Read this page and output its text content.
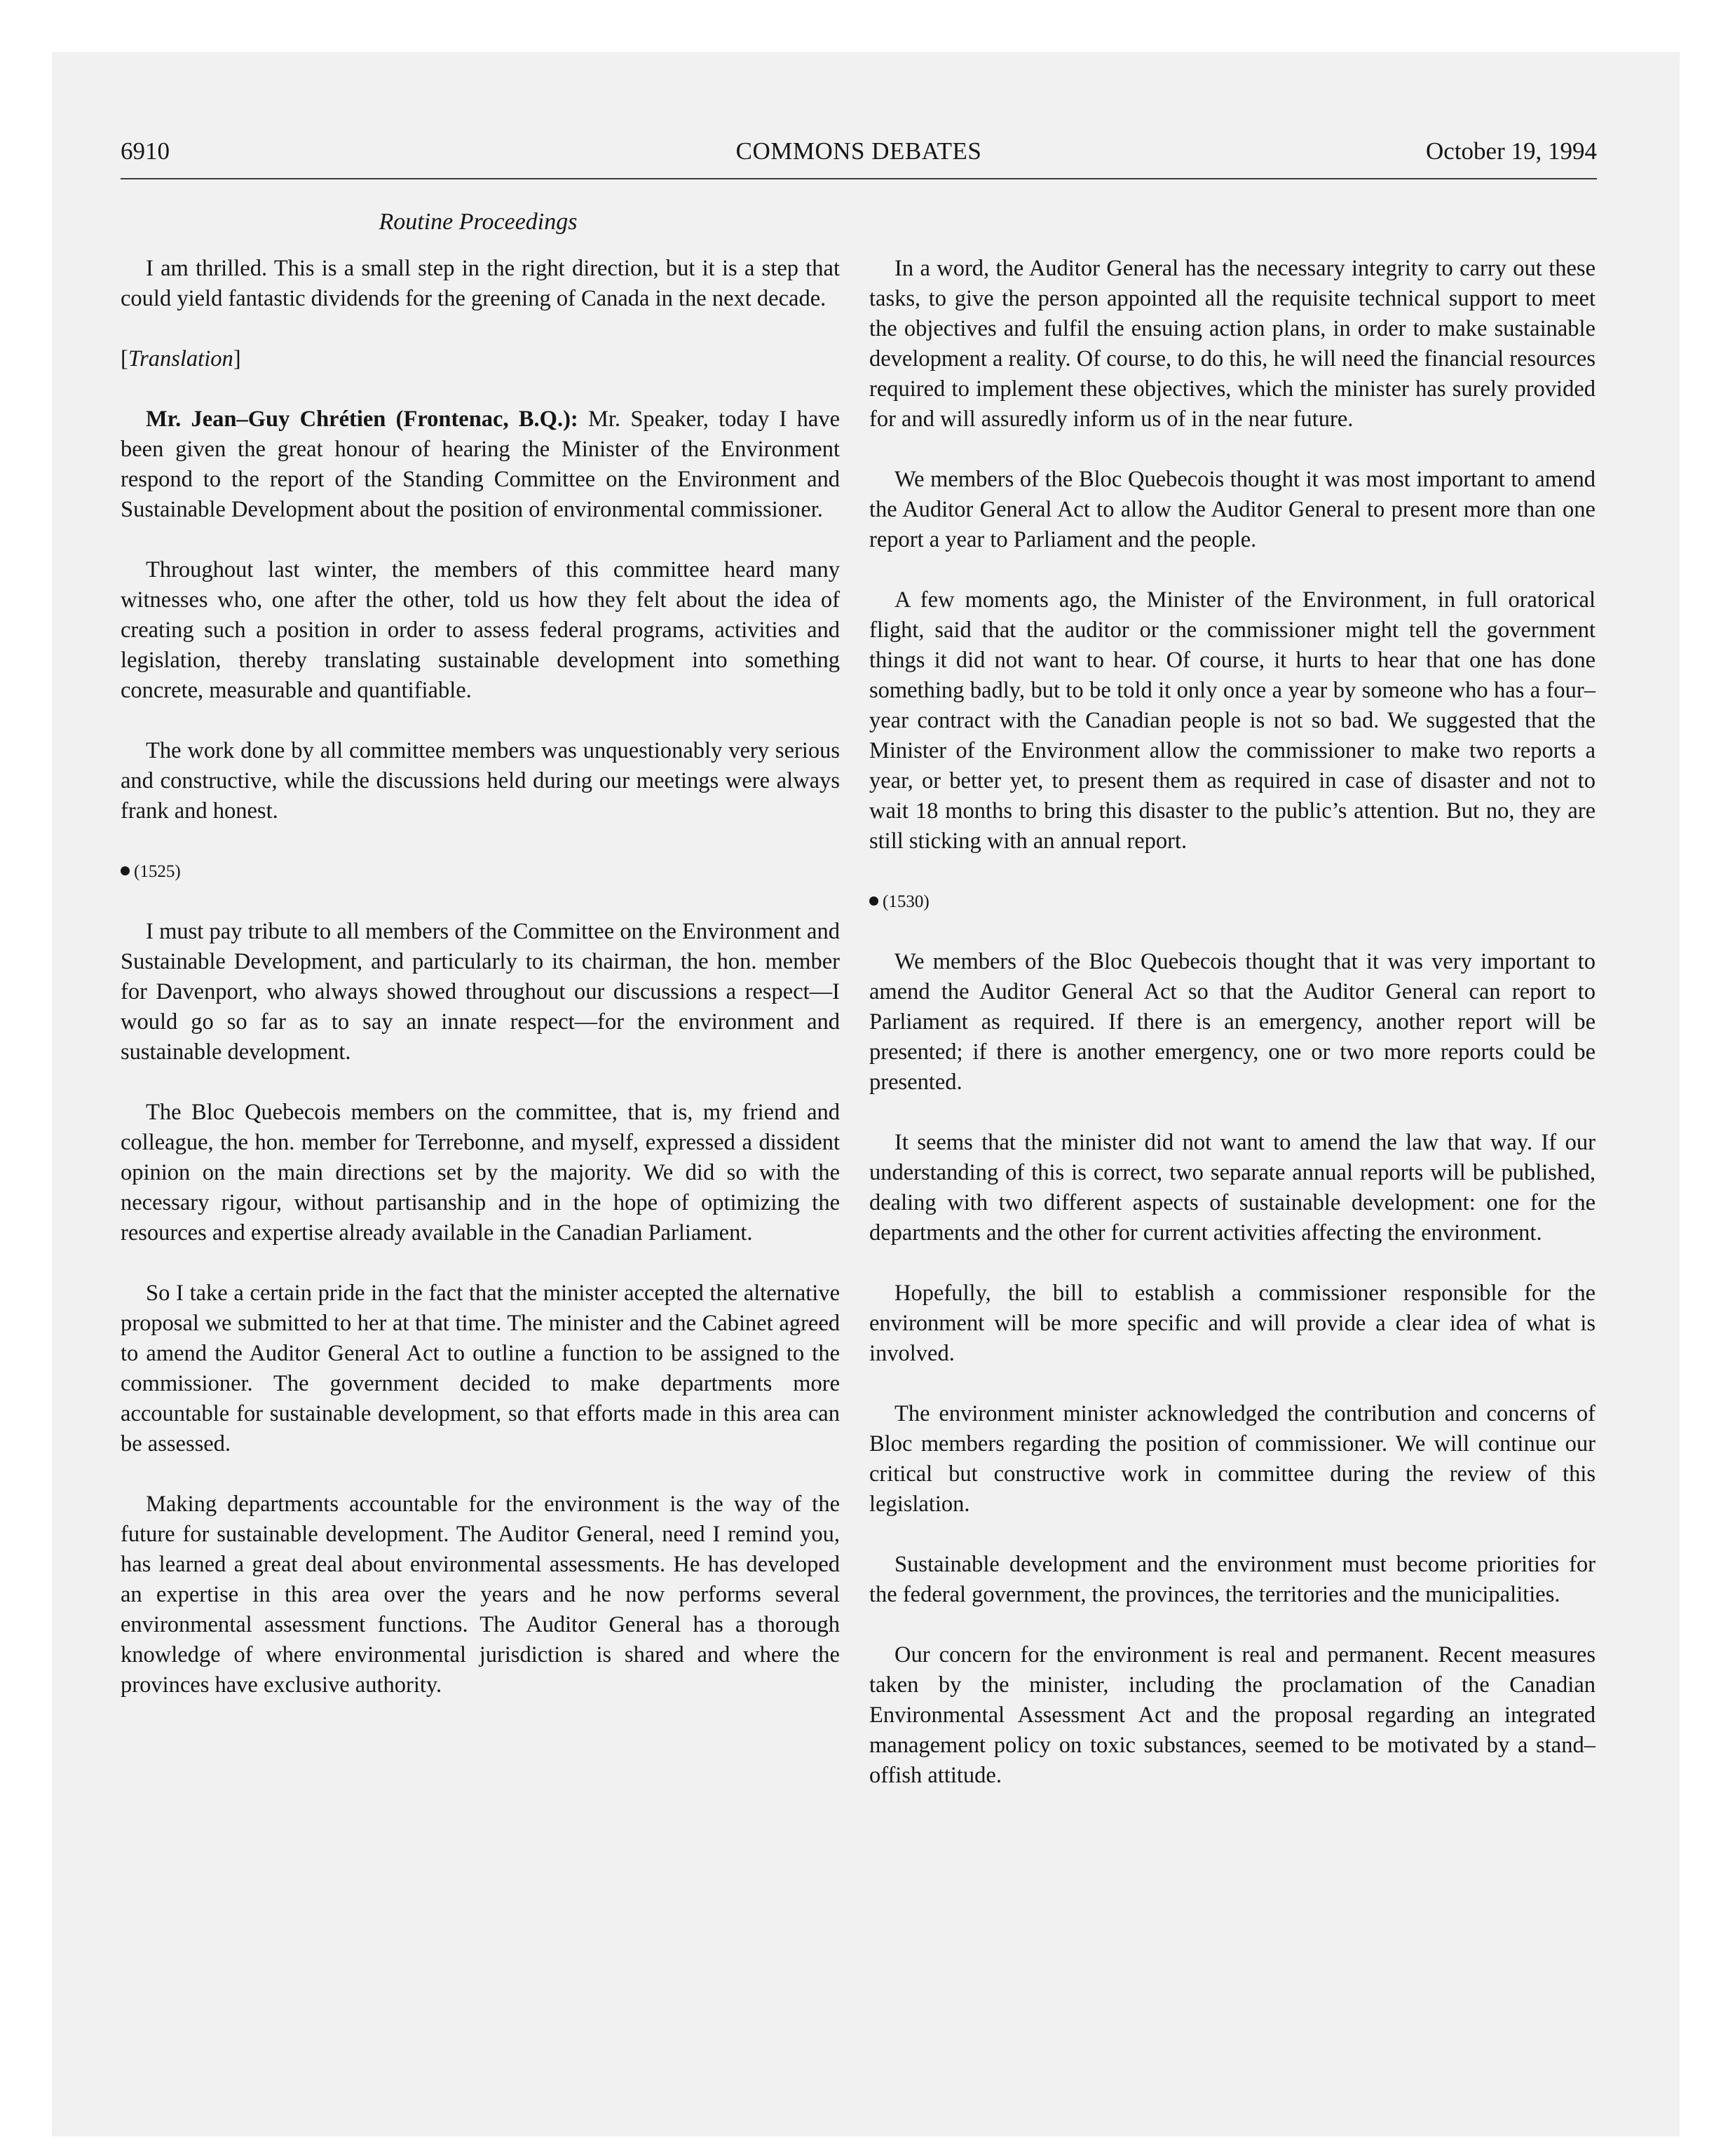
6910	COMMONS DEBATES	October 19, 1994
Routine Proceedings

I am thrilled. This is a small step in the right direction, but it is a step that could yield fantastic dividends for the greening of Canada in the next decade.

[Translation]

Mr. Jean–Guy Chrétien (Frontenac, B.Q.): Mr. Speaker, today I have been given the great honour of hearing the Minister of the Environment respond to the report of the Standing Committee on the Environment and Sustainable Development about the position of environmental commissioner.

Throughout last winter, the members of this committee heard many witnesses who, one after the other, told us how they felt about the idea of creating such a position in order to assess federal programs, activities and legislation, thereby translating sustainable development into something concrete, measurable and quantifiable.

The work done by all committee members was unquestionably very serious and constructive, while the discussions held during our meetings were always frank and honest.

(1525)

I must pay tribute to all members of the Committee on the Environment and Sustainable Development, and particularly to its chairman, the hon. member for Davenport, who always showed throughout our discussions a respect—I would go so far as to say an innate respect—for the environment and sustainable development.

The Bloc Quebecois members on the committee, that is, my friend and colleague, the hon. member for Terrebonne, and myself, expressed a dissident opinion on the main directions set by the majority. We did so with the necessary rigour, without partisanship and in the hope of optimizing the resources and expertise already available in the Canadian Parliament.

So I take a certain pride in the fact that the minister accepted the alternative proposal we submitted to her at that time. The minister and the Cabinet agreed to amend the Auditor General Act to outline a function to be assigned to the commissioner. The government decided to make departments more accountable for sustainable development, so that efforts made in this area can be assessed.

Making departments accountable for the environment is the way of the future for sustainable development. The Auditor General, need I remind you, has learned a great deal about environmental assessments. He has developed an expertise in this area over the years and he now performs several environmental assessment functions. The Auditor General has a thorough knowledge of where environmental jurisdiction is shared and where the provinces have exclusive authority.

In a word, the Auditor General has the necessary integrity to carry out these tasks, to give the person appointed all the requisite technical support to meet the objectives and fulfil the ensuing action plans, in order to make sustainable development a reality. Of course, to do this, he will need the financial resources required to implement these objectives, which the minister has surely provided for and will assuredly inform us of in the near future.

We members of the Bloc Quebecois thought it was most important to amend the Auditor General Act to allow the Auditor General to present more than one report a year to Parliament and the people.

A few moments ago, the Minister of the Environment, in full oratorical flight, said that the auditor or the commissioner might tell the government things it did not want to hear. Of course, it hurts to hear that one has done something badly, but to be told it only once a year by someone who has a four–year contract with the Canadian people is not so bad. We suggested that the Minister of the Environment allow the commissioner to make two reports a year, or better yet, to present them as required in case of disaster and not to wait 18 months to bring this disaster to the public’s attention. But no, they are still sticking with an annual report.

(1530)

We members of the Bloc Quebecois thought that it was very important to amend the Auditor General Act so that the Auditor General can report to Parliament as required. If there is an emergency, another report will be presented; if there is another emergency, one or two more reports could be presented.

It seems that the minister did not want to amend the law that way. If our understanding of this is correct, two separate annual reports will be published, dealing with two different aspects of sustainable development: one for the departments and the other for current activities affecting the environment.

Hopefully, the bill to establish a commissioner responsible for the environment will be more specific and will provide a clear idea of what is involved.

The environment minister acknowledged the contribution and concerns of Bloc members regarding the position of commissioner. We will continue our critical but constructive work in committee during the review of this legislation.

Sustainable development and the environment must become priorities for the federal government, the provinces, the territories and the municipalities.

Our concern for the environment is real and permanent. Recent measures taken by the minister, including the proclamation of the Canadian Environmental Assessment Act and the proposal regarding an integrated management policy on toxic substances, seemed to be motivated by a stand–offish attitude.
